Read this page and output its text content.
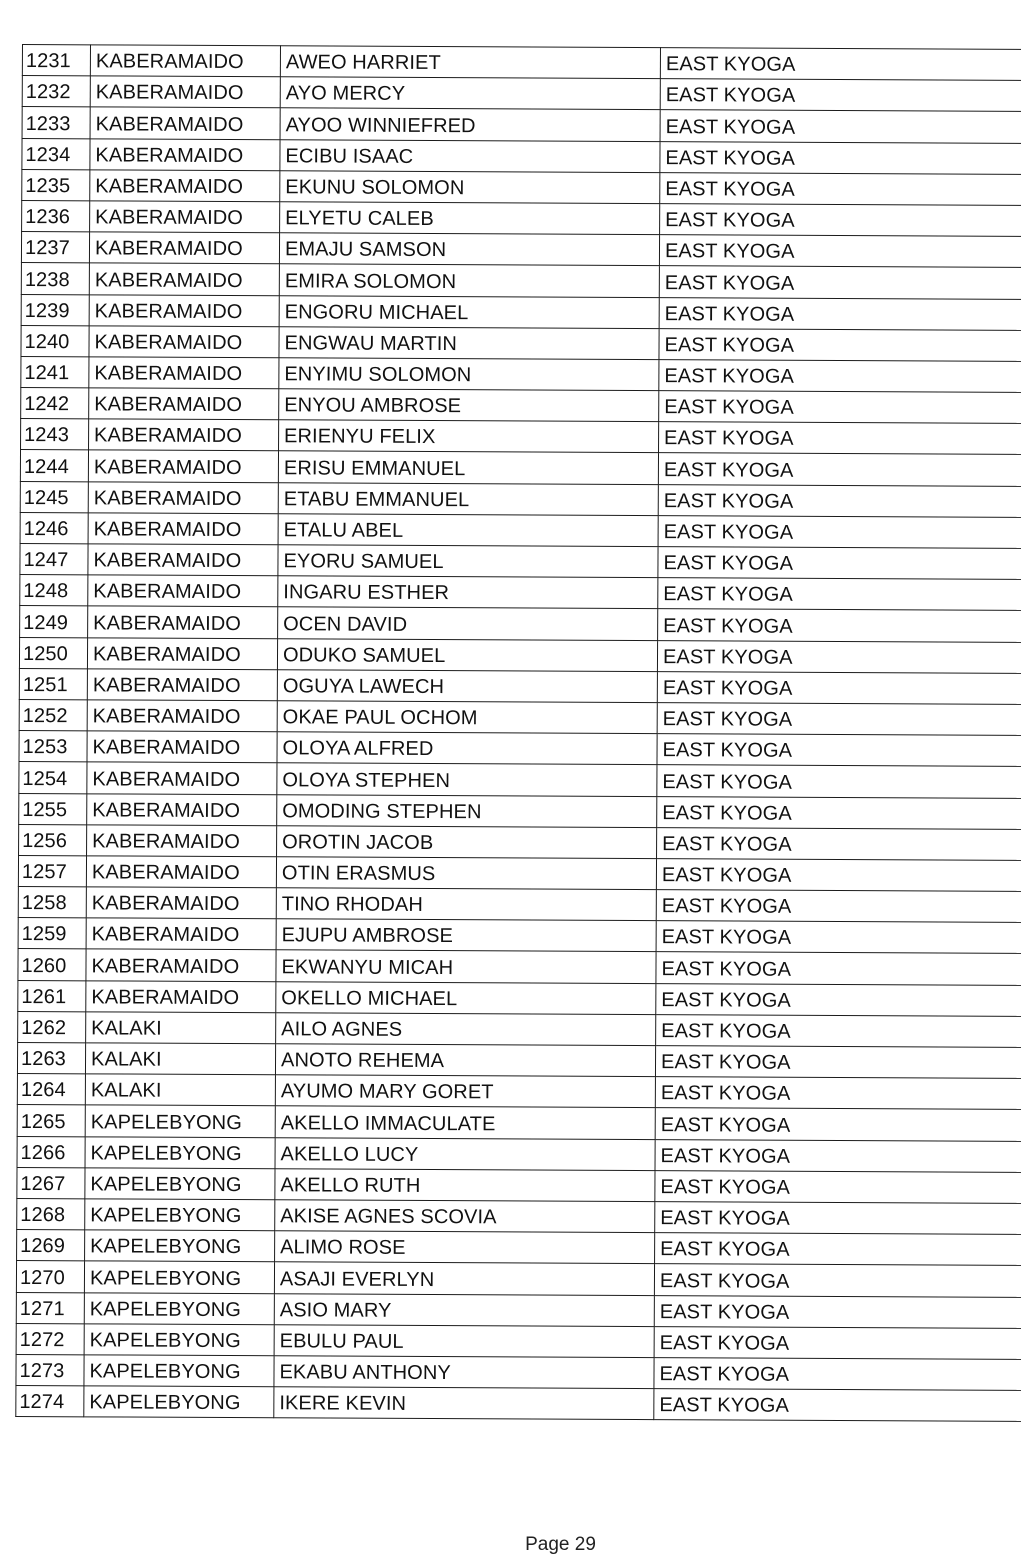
1231	KABERAMAIDO	AWEO HARRIET	EAST KYOGA
1232	KABERAMAIDO	AYO MERCY	EAST KYOGA
1233	KABERAMAIDO	AYOO WINNIEFRED	EAST KYOGA
1234	KABERAMAIDO	ECIBU ISAAC	EAST KYOGA
1235	KABERAMAIDO	EKUNU SOLOMON	EAST KYOGA
1236	KABERAMAIDO	ELYETU CALEB	EAST KYOGA
1237	KABERAMAIDO	EMAJU SAMSON	EAST KYOGA
1238	KABERAMAIDO	EMIRA SOLOMON	EAST KYOGA
1239	KABERAMAIDO	ENGORU MICHAEL	EAST KYOGA
1240	KABERAMAIDO	ENGWAU MARTIN	EAST KYOGA
1241	KABERAMAIDO	ENYIMU SOLOMON	EAST KYOGA
1242	KABERAMAIDO	ENYOU AMBROSE	EAST KYOGA
1243	KABERAMAIDO	ERIENYU FELIX	EAST KYOGA
1244	KABERAMAIDO	ERISU EMMANUEL	EAST KYOGA
1245	KABERAMAIDO	ETABU EMMANUEL	EAST KYOGA
1246	KABERAMAIDO	ETALU ABEL	EAST KYOGA
1247	KABERAMAIDO	EYORU SAMUEL	EAST KYOGA
1248	KABERAMAIDO	INGARU ESTHER	EAST KYOGA
1249	KABERAMAIDO	OCEN DAVID	EAST KYOGA
1250	KABERAMAIDO	ODUKO SAMUEL	EAST KYOGA
1251	KABERAMAIDO	OGUYA LAWECH	EAST KYOGA
1252	KABERAMAIDO	OKAE PAUL OCHOM	EAST KYOGA
1253	KABERAMAIDO	OLOYA ALFRED	EAST KYOGA
1254	KABERAMAIDO	OLOYA STEPHEN	EAST KYOGA
1255	KABERAMAIDO	OMODING STEPHEN	EAST KYOGA
1256	KABERAMAIDO	OROTIN JACOB	EAST KYOGA
1257	KABERAMAIDO	OTIN ERASMUS	EAST KYOGA
1258	KABERAMAIDO	TINO RHODAH	EAST KYOGA
1259	KABERAMAIDO	EJUPU AMBROSE	EAST KYOGA
1260	KABERAMAIDO	EKWANYU MICAH	EAST KYOGA
1261	KABERAMAIDO	OKELLO MICHAEL	EAST KYOGA
1262	KALAKI	AILO AGNES	EAST KYOGA
1263	KALAKI	ANOTO REHEMA	EAST KYOGA
1264	KALAKI	AYUMO MARY GORET	EAST KYOGA
1265	KAPELEBYONG	AKELLO IMMACULATE	EAST KYOGA
1266	KAPELEBYONG	AKELLO LUCY	EAST KYOGA
1267	KAPELEBYONG	AKELLO RUTH	EAST KYOGA
1268	KAPELEBYONG	AKISE AGNES SCOVIA	EAST KYOGA
1269	KAPELEBYONG	ALIMO ROSE	EAST KYOGA
1270	KAPELEBYONG	ASAJI EVERLYN	EAST KYOGA
1271	KAPELEBYONG	ASIO MARY	EAST KYOGA
1272	KAPELEBYONG	EBULU PAUL	EAST KYOGA
1273	KAPELEBYONG	EKABU ANTHONY	EAST KYOGA
1274	KAPELEBYONG	IKERE KEVIN	EAST KYOGA
Page 29
